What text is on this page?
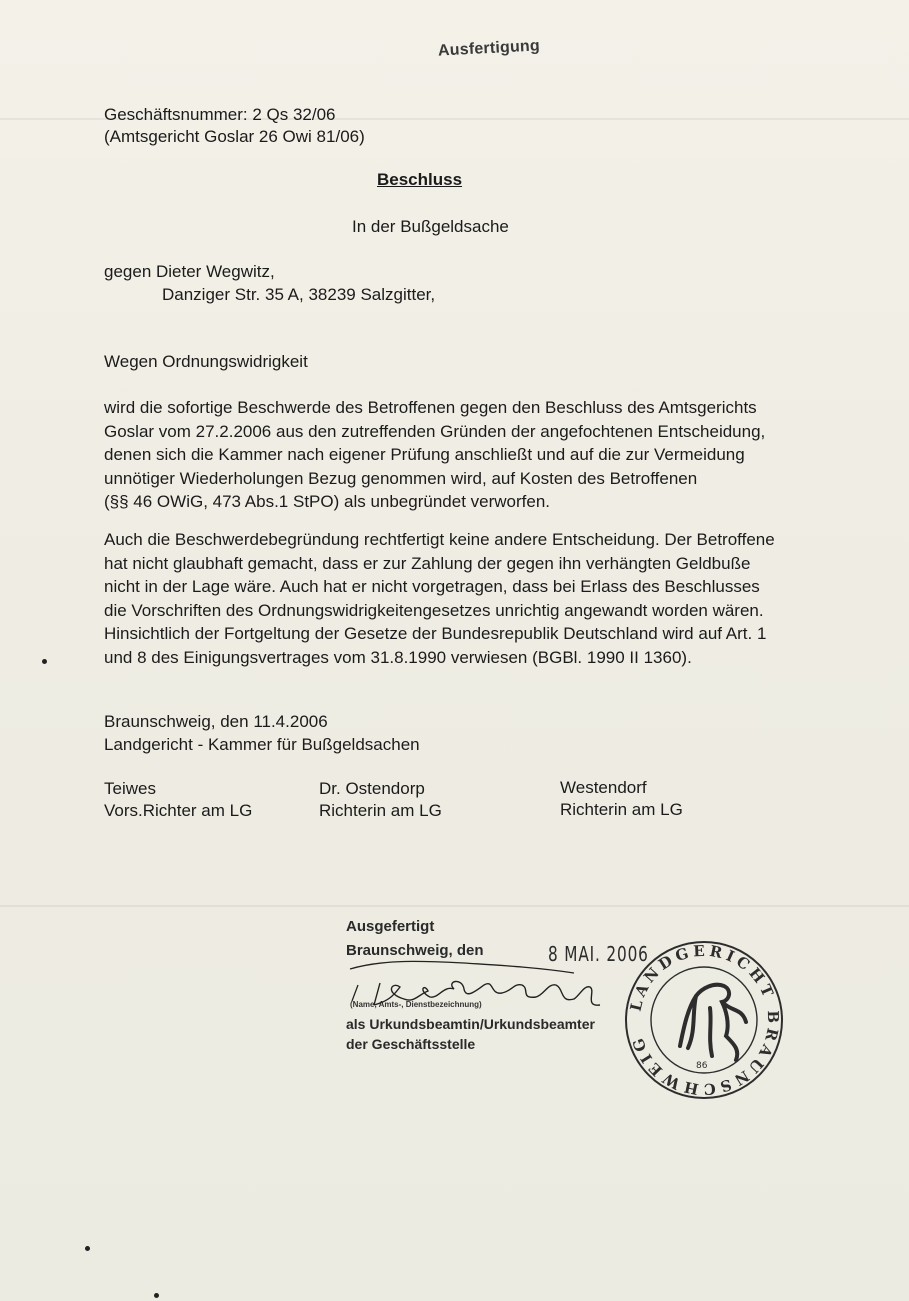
Ausfertigung
Geschäftsnummer: 2 Qs 32/06
(Amtsgericht Goslar 26 Owi 81/06)
Beschluss
In der Bußgeldsache
gegen Dieter Wegwitz,
Danziger Str. 35 A, 38239 Salzgitter,
Wegen Ordnungswidrigkeit
wird die sofortige Beschwerde des Betroffenen gegen den Beschluss des Amtsgerichts
Goslar vom 27.2.2006 aus den zutreffenden Gründen der angefochtenen Entscheidung,
denen sich die Kammer nach eigener Prüfung anschließt und auf die zur Vermeidung
unnötiger Wiederholungen Bezug genommen wird, auf Kosten des Betroffenen
(§§ 46 OWiG, 473 Abs.1 StPO) als unbegründet verworfen.
Auch die Beschwerdebegründung rechtfertigt keine andere Entscheidung. Der Betroffene
hat nicht glaubhaft gemacht, dass er zur Zahlung der gegen ihn verhängten Geldbuße
nicht in der Lage wäre. Auch hat er nicht vorgetragen, dass bei Erlass des Beschlusses
die Vorschriften des Ordnungswidrigkeitengesetzes unrichtig angewandt worden wären.
Hinsichtlich der Fortgeltung der Gesetze der Bundesrepublik Deutschland wird auf Art. 1
und 8 des Einigungsvertrages vom 31.8.1990 verwiesen (BGBl. 1990 II 1360).
Braunschweig, den 11.4.2006
Landgericht - Kammer für Bußgeldsachen
Teiwes
Vors.Richter am LG
Dr. Ostendorp
Richterin am LG
Westendorf
Richterin am LG
Ausgefertigt
Braunschweig, den
(Name, Amts-, Dienstbezeichnung)
als Urkundsbeamtin/Urkundsbeamter
der Geschäftsstelle
8 MAI. 2006
LANDGERICHT BRAUNSCHWEIG
86
